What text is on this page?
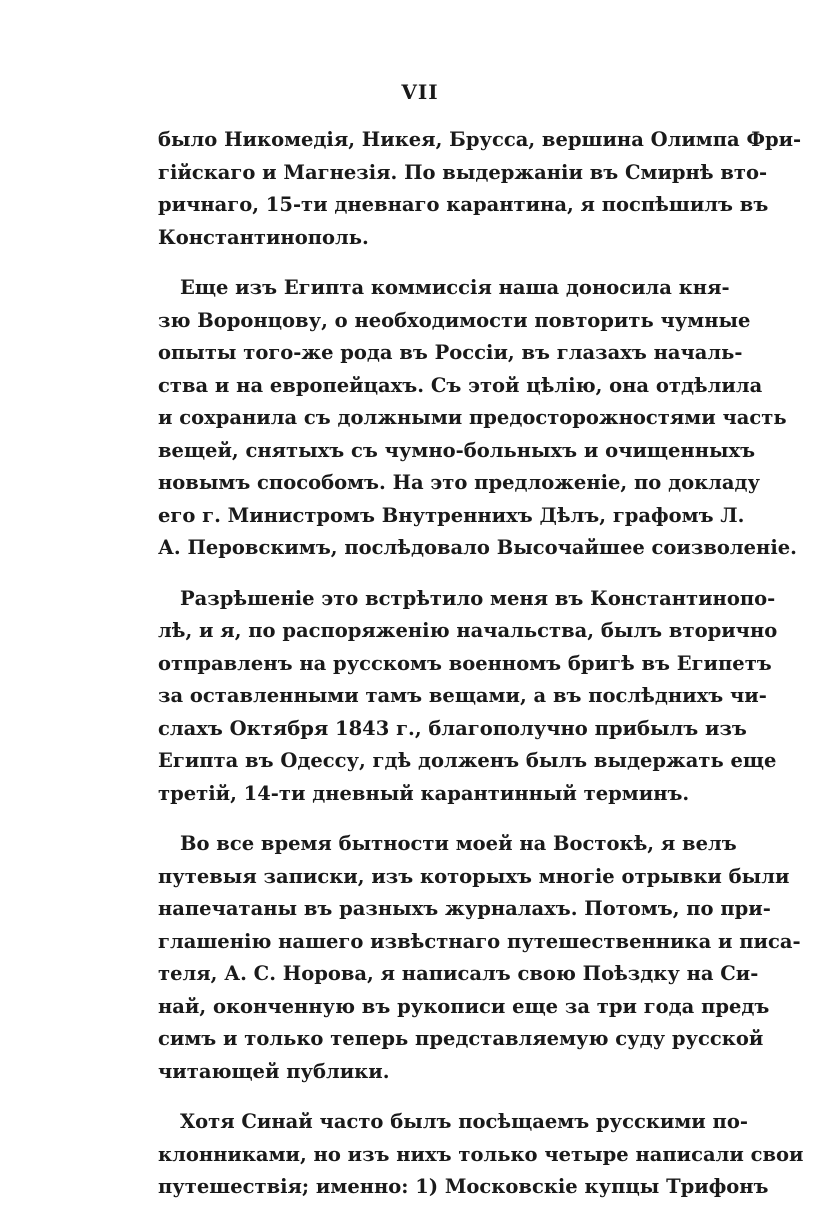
VII
было Никомедія, Никея, Брусса, вершина Олимпа Фри-
гійскаго и Магнезія. По выдержаніи въ Смирнѣ вто-
ричнаго, 15-ти дневнаго карантина, я поспѣшилъ въ
Константинополь.
Еще изъ Египта коммиссія наша доносила кня-
зю Воронцову, о необходимости повторить чумные
опыты того-же рода въ Россіи, въ глазахъ началь-
ства и на европейцахъ. Съ этой цѣлію, она отдѣлила
и сохранила съ должными предосторожностями часть
вещей, снятыхъ съ чумно-больныхъ и очищенныхъ
новымъ способомъ. На это предложеніе, по докладу
его г. Министромъ Внутреннихъ Дѣлъ, графомъ Л.
А. Перовскимъ, послѣдовало Высочайшее соизволеніе.
Разрѣшеніе это встрѣтило меня въ Константинопо-
лѣ, и я, по распоряженію начальства, былъ вторично
отправленъ на русскомъ военномъ бригѣ въ Египетъ
за оставленными тамъ вещами, а въ послѣднихъ чи-
слахъ Октября 1843 г., благополучно прибылъ изъ
Египта въ Одессу, гдѣ долженъ былъ выдержать еще
третій, 14-ти дневный карантинный терминъ.
Во все время бытности моей на Востокѣ, я велъ
путевыя записки, изъ которыхъ многіе отрывки были
напечатаны въ разныхъ журналахъ. Потомъ, по при-
глашенію нашего извѣстнаго путешественника и писа-
теля, А. С. Норова, я написалъ свою Поѣздку на Си-
най, оконченную въ рукописи еще за три года предъ
симъ и только теперь представляемую суду русской
читающей публики.
Хотя Синай часто былъ посѣщаемъ русскими по-
клонниками, но изъ нихъ только четыре написали свои
путешествія; именно: 1) Московскіе купцы Трифонъ
